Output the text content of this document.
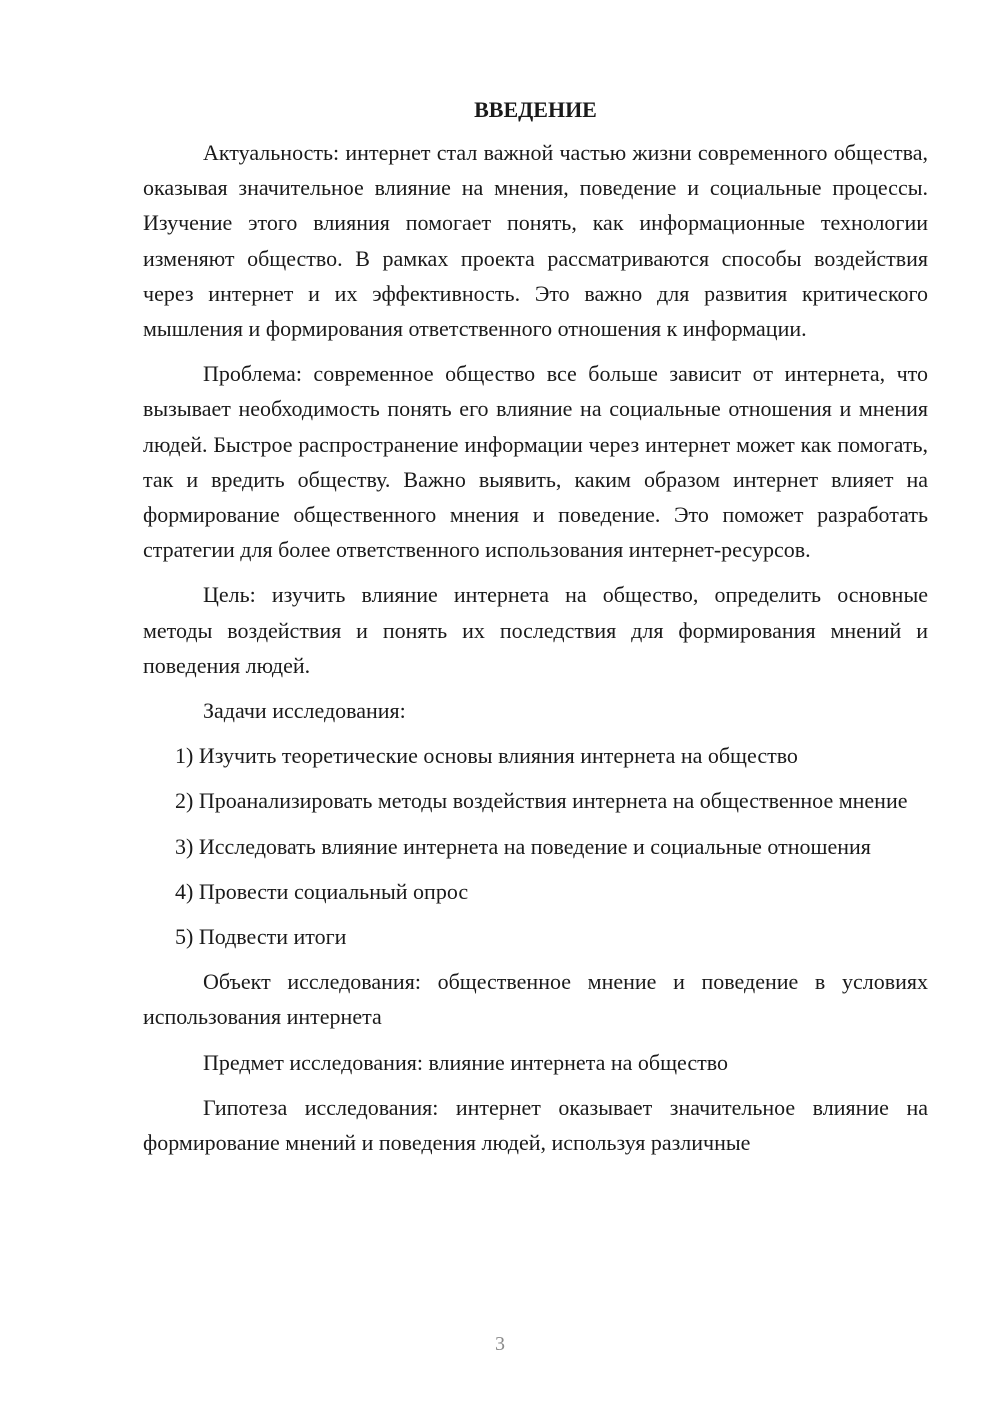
ВВЕДЕНИЕ

Актуальность: интернет стал важной частью жизни современного общества, оказывая значительное влияние на мнения, поведение и социальные процессы. Изучение этого влияния помогает понять, как информационные технологии изменяют общество. В рамках проекта рассматриваются способы воздействия через интернет и их эффективность. Это важно для развития критического мышления и формирования ответственного отношения к информации.

Проблема: современное общество все больше зависит от интернета, что вызывает необходимость понять его влияние на социальные отношения и мнения людей. Быстрое распространение информации через интернет может как помогать, так и вредить обществу. Важно выявить, каким образом интернет влияет на формирование общественного мнения и поведение. Это поможет разработать стратегии для более ответственного использования интернет-ресурсов.

Цель: изучить влияние интернета на общество, определить основные методы воздействия и понять их последствия для формирования мнений и поведения людей.

Задачи исследования:

1) Изучить теоретические основы влияния интернета на общество

2) Проанализировать методы воздействия интернета на общественное мнение

3) Исследовать влияние интернета на поведение и социальные отношения

4) Провести социальный опрос

5) Подвести итоги

Объект исследования: общественное мнение и поведение в условиях использования интернета

Предмет исследования: влияние интернета на общество

Гипотеза исследования: интернет оказывает значительное влияние на формирование мнений и поведения людей, используя различные

3
